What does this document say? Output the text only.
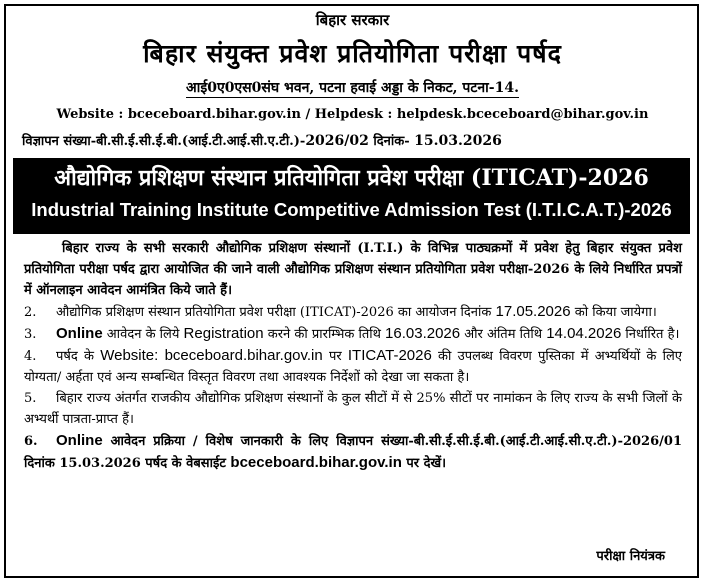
बिहार सरकार
बिहार संयुक्त प्रवेश प्रतियोगिता परीक्षा पर्षद
आई0ए0एस0संघ भवन, पटना हवाई अड्डा के निकट, पटना-14.
Website : bceceboard.bihar.gov.in / Helpdesk : helpdesk.bceceboard@bihar.gov.in
विज्ञापन संख्या-बी.सी.ई.सी.ई.बी.(आई.टी.आई.सी.ए.टी.)-2026/02 दिनांक- 15.03.2026
औद्योगिक प्रशिक्षण संस्थान प्रतियोगिता प्रवेश परीक्षा (ITICAT)-2026
Industrial Training Institute Competitive Admission Test (I.T.I.C.A.T.)-2026

बिहार राज्य के सभी सरकारी औद्योगिक प्रशिक्षण संस्थानों (I.T.I.) के विभिन्न पाठ्यक्रमों में प्रवेश हेतु बिहार संयुक्त प्रवेश प्रतियोगिता परीक्षा पर्षद द्वारा आयोजित की जाने वाली औद्योगिक प्रशिक्षण संस्थान प्रतियोगिता प्रवेश परीक्षा-2026 के लिये निर्धारित प्रपत्रों में ऑनलाइन आवेदन आमंत्रित किये जाते हैं।

2. औद्योगिक प्रशिक्षण संस्थान प्रतियोगिता प्रवेश परीक्षा (ITICAT)-2026 का आयोजन दिनांक 17.05.2026 को किया जायेगा।

3. Online आवेदन के लिये Registration करने की प्रारम्भिक तिथि 16.03.2026 और अंतिम तिथि 14.04.2026 निर्धारित है।

4. पर्षद के Website: bceceboard.bihar.gov.in पर ITICAT-2026 की उपलब्ध विवरण पुस्तिका में अभ्यर्थियों के लिए योग्यता/ अर्हता एवं अन्य सम्बन्धित विस्तृत विवरण तथा आवश्यक निर्देशों को देखा जा सकता है।

5. बिहार राज्य अंतर्गत राजकीय औद्योगिक प्रशिक्षण संस्थानों के कुल सीटों में से 25% सीटों पर नामांकन के लिए राज्य के सभी जिलों के अभ्यर्थी पात्रता-प्राप्त हैं।

6. Online आवेदन प्रक्रिया / विशेष जानकारी के लिए विज्ञापन संख्या-बी.सी.ई.सी.ई.बी.(आई.टी.आई.सी.ए.टी.)-2026/01 दिनांक 15.03.2026 पर्षद के वेबसाईट bceceboard.bihar.gov.in पर देखें।

परीक्षा नियंत्रक
